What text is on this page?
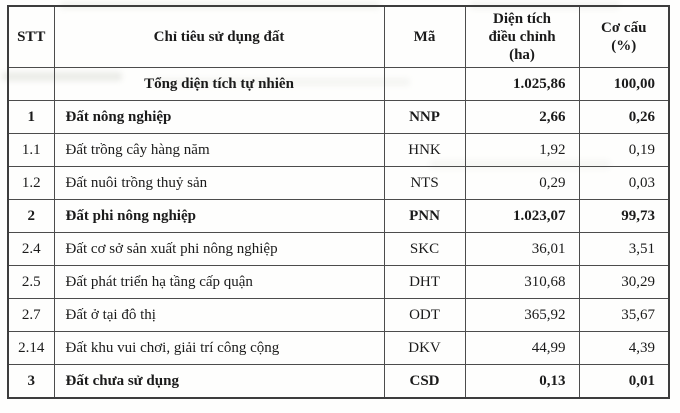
STT	Chỉ tiêu sử dụng đất	Mã	Diện tích điều chỉnh (ha)	Cơ cấu (%)
	Tổng diện tích tự nhiên		1.025,86	100,00
1	Đất nông nghiệp	NNP	2,66	0,26
1.1	Đất trồng cây hàng năm	HNK	1,92	0,19
1.2	Đất nuôi trồng thuỷ sản	NTS	0,29	0,03
2	Đất phi nông nghiệp	PNN	1.023,07	99,73
2.4	Đất cơ sở sản xuất phi nông nghiệp	SKC	36,01	3,51
2.5	Đất phát triển hạ tầng cấp quận	DHT	310,68	30,29
2.7	Đất ở tại đô thị	ODT	365,92	35,67
2.14	Đất khu vui chơi, giải trí công cộng	DKV	44,99	4,39
3	Đất chưa sử dụng	CSD	0,13	0,01
